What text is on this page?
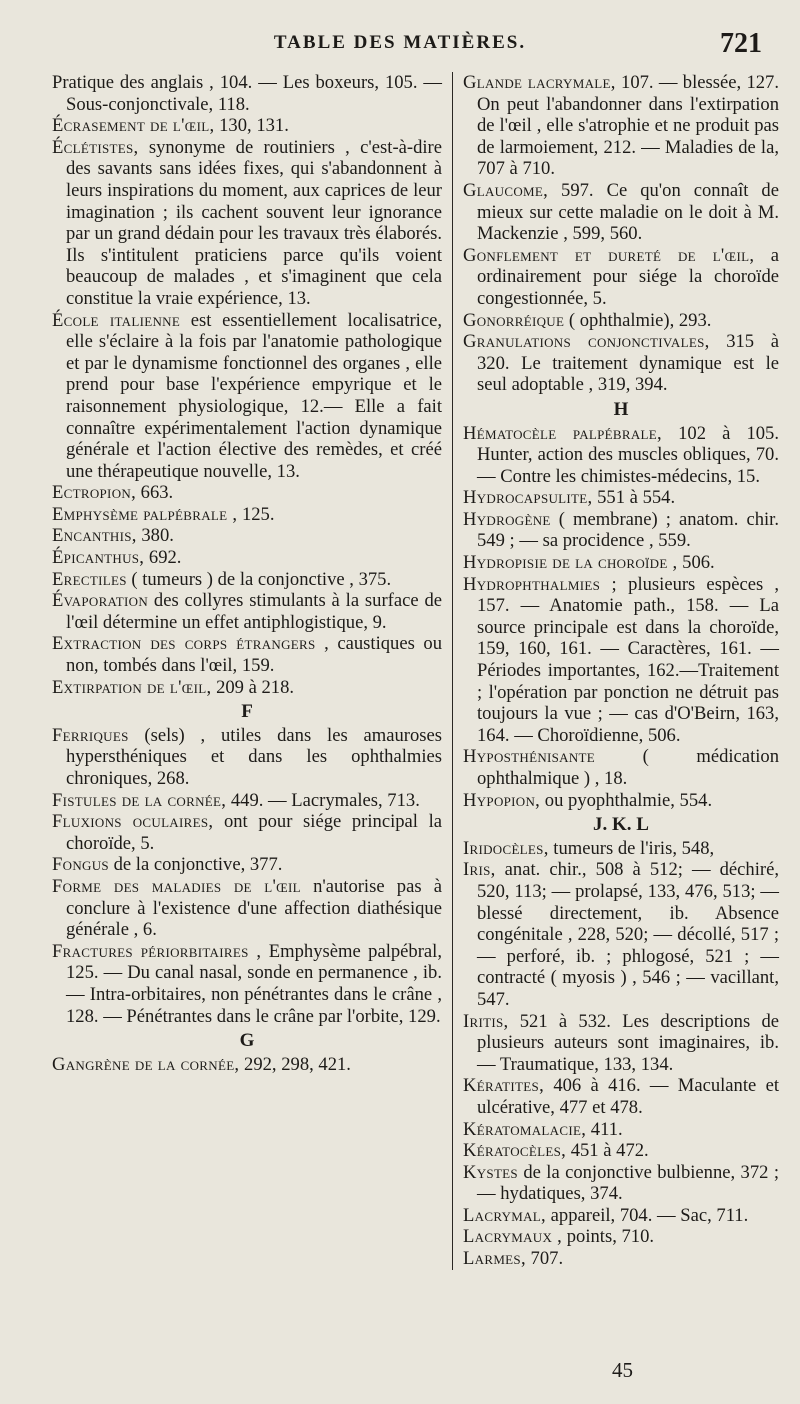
TABLE DES MATIÈRES.	721

Pratique des anglais , 104. — Les boxeurs, 105. — Sous-conjonctivale, 118.

Écrasement de l'œil, 130, 131.

Éclétistes, synonyme de routiniers , c'est-à-dire des savants sans idées fixes, qui s'abandonnent à leurs inspirations du moment, aux caprices de leur imagination ; ils cachent souvent leur ignorance par un grand dédain pour les travaux très élaborés. Ils s'intitulent praticiens parce qu'ils voient beaucoup de malades , et s'imaginent que cela constitue la vraie expérience, 13.

École italienne est essentiellement localisatrice, elle s'éclaire à la fois par l'anatomie pathologique et par le dynamisme fonctionnel des organes , elle prend pour base l'expérience empyrique et le raisonnement physiologique, 12.— Elle a fait connaître expérimentalement l'action dynamique générale et l'action élective des remèdes, et créé une thérapeutique nouvelle, 13.

Ectropion, 663.

Emphysème palpébrale , 125.

Encanthis, 380.

Épicanthus, 692.

Erectiles ( tumeurs ) de la conjonctive , 375.

Évaporation des collyres stimulants à la surface de l'œil détermine un effet antiphlogistique, 9.

Extraction des corps étrangers , caustiques ou non, tombés dans l'œil, 159.

Extirpation de l'œil, 209 à 218.

F

Ferriques (sels) , utiles dans les amauroses hypersthéniques et dans les ophthalmies chroniques, 268.

Fistules de la cornée, 449. — Lacrymales, 713.

Fluxions oculaires, ont pour siége principal la choroïde, 5.

Fongus de la conjonctive, 377.

Forme des maladies de l'œil n'autorise pas à conclure à l'existence d'une affection diathésique générale , 6.

Fractures périorbitaires , Emphysème palpébral, 125. — Du canal nasal, sonde en permanence , ib. — Intra-orbitaires, non pénétrantes dans le crâne , 128. — Pénétrantes dans le crâne par l'orbite, 129.

G

Gangrène de la cornée, 292, 298, 421.

Glande lacrymale, 107. — blessée, 127. On peut l'abandonner dans l'extirpation de l'œil , elle s'atrophie et ne produit pas de larmoiement, 212. — Maladies de la, 707 à 710.

Glaucome, 597. Ce qu'on connaît de mieux sur cette maladie on le doit à M. Mackenzie , 599, 560.

Gonflement et dureté de l'œil, a ordinairement pour siége la choroïde congestionnée, 5.

Gonorréique ( ophthalmie), 293.

Granulations conjonctivales, 315 à 320. Le traitement dynamique est le seul adoptable , 319, 394.

H

Hématocèle palpébrale, 102 à 105. Hunter, action des muscles obliques, 70. — Contre les chimistes-médecins, 15.

Hydrocapsulite, 551 à 554.

Hydrogène ( membrane) ; anatom. chir. 549 ; — sa procidence , 559.

Hydropisie de la choroïde , 506.

Hydrophthalmies ; plusieurs espèces , 157. — Anatomie path., 158. — La source principale est dans la choroïde, 159, 160, 161. — Caractères, 161. — Périodes importantes, 162.—Traitement ; l'opération par ponction ne détruit pas toujours la vue ; — cas d'O'Beirn, 163, 164. — Choroïdienne, 506.

Hyposthénisante ( médication ophthalmique ) , 18.

Hypopion, ou pyophthalmie, 554.

J. K. L

Iridocèles, tumeurs de l'iris, 548,

Iris, anat. chir., 508 à 512; — déchiré, 520, 113; — prolapsé, 133, 476, 513; — blessé directement, ib. Absence congénitale , 228, 520; — décollé, 517 ; — perforé, ib. ; phlogosé, 521 ; — contracté ( myosis ) , 546 ; — vacillant, 547.

Iritis, 521 à 532. Les descriptions de plusieurs auteurs sont imaginaires, ib. — Traumatique, 133, 134.

Kératites, 406 à 416. — Maculante et ulcérative, 477 et 478.

Kératomalacie, 411.

Kératocèles, 451 à 472.

Kystes de la conjonctive bulbienne, 372 ; — hydatiques, 374.

Lacrymal, appareil, 704. — Sac, 711.

Lacrymaux , points, 710.

Larmes, 707.

45
